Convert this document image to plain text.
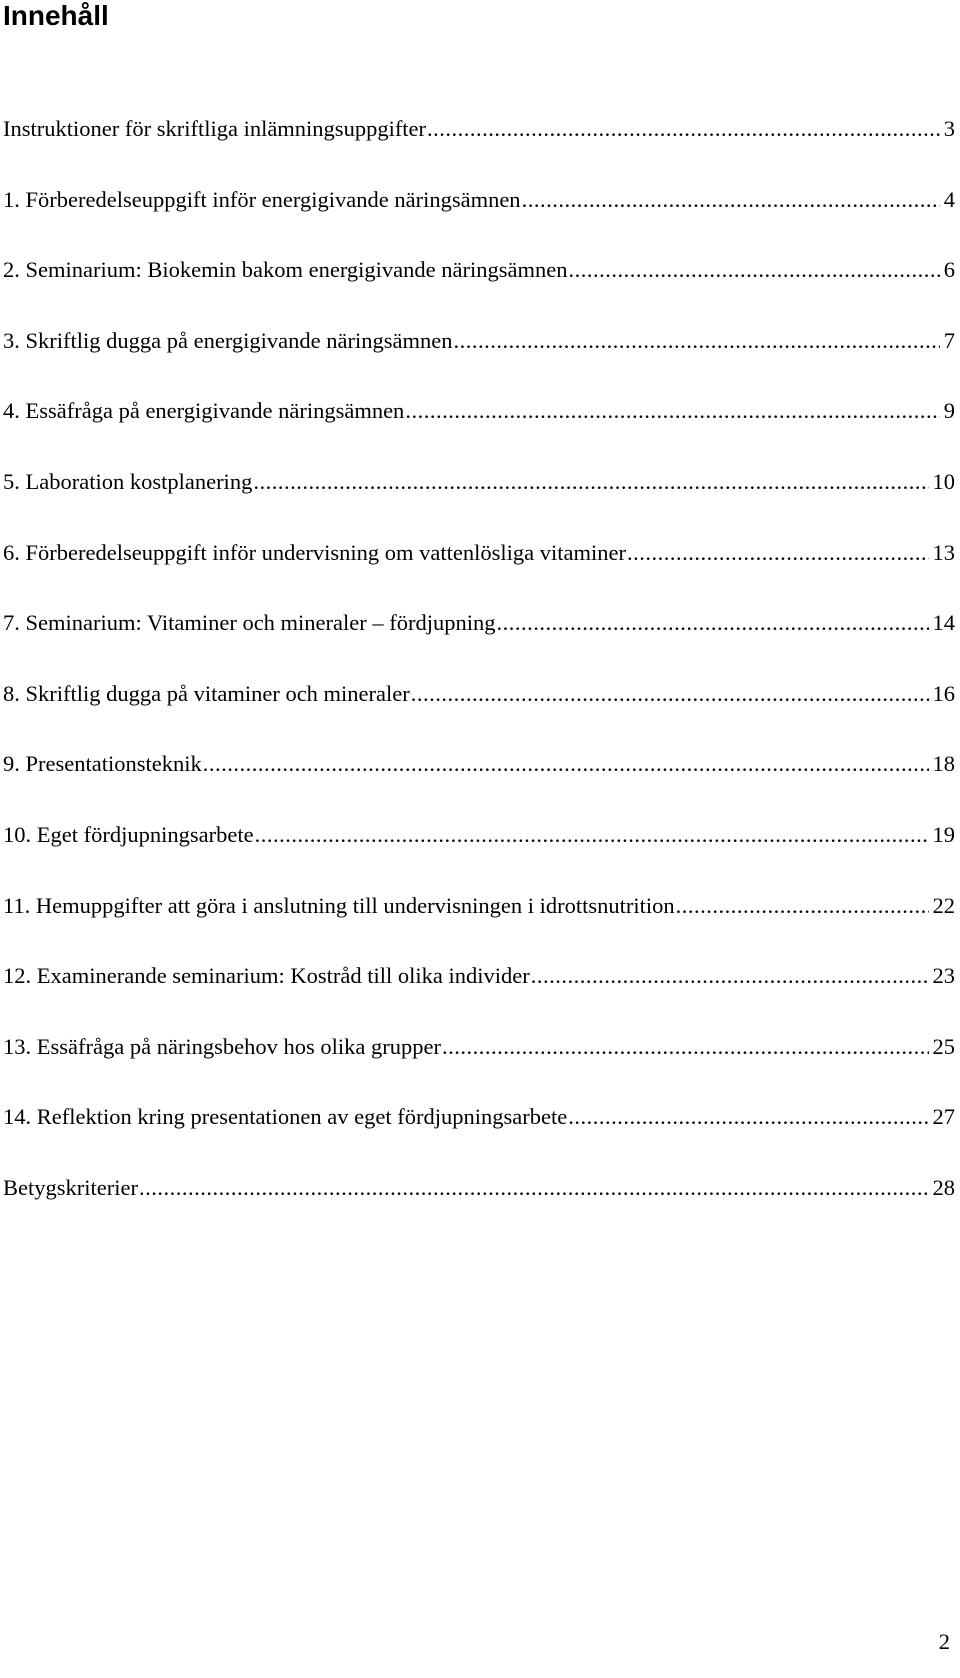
Innehåll
Instruktioner för skriftliga inlämningsuppgifter .....	3
1. Förberedelseuppgift inför energigivande näringsämnen .....	4
2. Seminarium: Biokemin bakom energigivande näringsämnen .....	6
3. Skriftlig dugga på energigivande näringsämnen .....	7
4. Essäfråga på energigivande näringsämnen .....	9
5. Laboration kostplanering .....	10
6. Förberedelseuppgift inför undervisning om vattenlösliga vitaminer .....	13
7. Seminarium: Vitaminer och mineraler – fördjupning .....	14
8. Skriftlig dugga på vitaminer och mineraler .....	16
9. Presentationsteknik .....	18
10. Eget fördjupningsarbete .....	19
11. Hemuppgifter att göra i anslutning till undervisningen i idrottsnutrition .....	22
12. Examinerande seminarium: Kostråd till olika individer .....	23
13. Essäfråga på näringsbehov hos olika grupper .....	25
14. Reflektion kring presentationen av eget fördjupningsarbete .....	27
Betygskriterier .....	28
2
